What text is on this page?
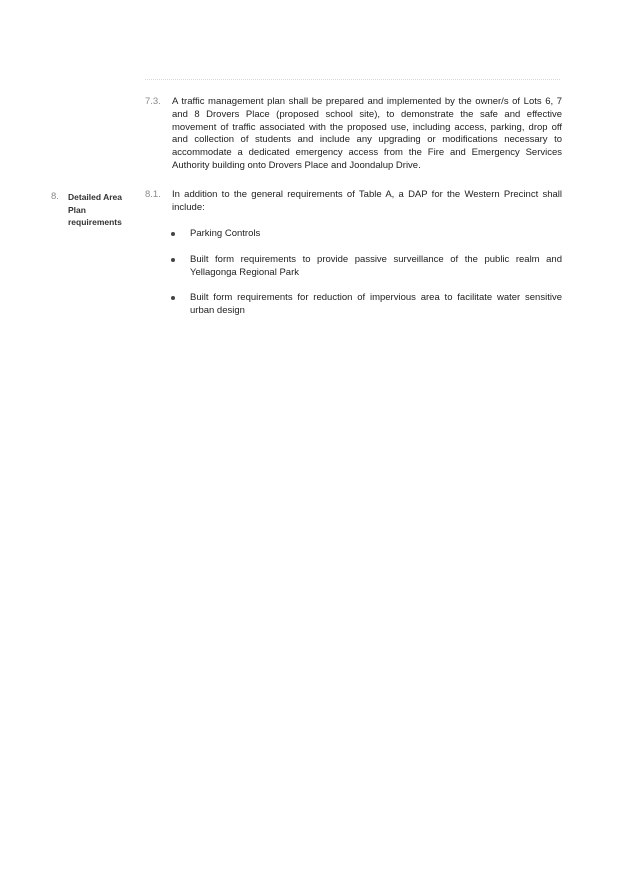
7.3. A traffic management plan shall be prepared and implemented by the owner/s of Lots 6, 7 and 8 Drovers Place (proposed school site), to demonstrate the safe and effective movement of traffic associated with the proposed use, including access, parking, drop off and collection of students and include any upgrading or modifications necessary to accommodate a dedicated emergency access from the Fire and Emergency Services Authority building onto Drovers Place and Joondalup Drive.
8. Detailed Area
Plan
requirements
8.1. In addition to the general requirements of Table A, a DAP for the Western Precinct shall include:
Parking Controls
Built form requirements to provide passive surveillance of the public realm and Yellagonga Regional Park
Built form requirements for reduction of impervious area to facilitate water sensitive urban design
